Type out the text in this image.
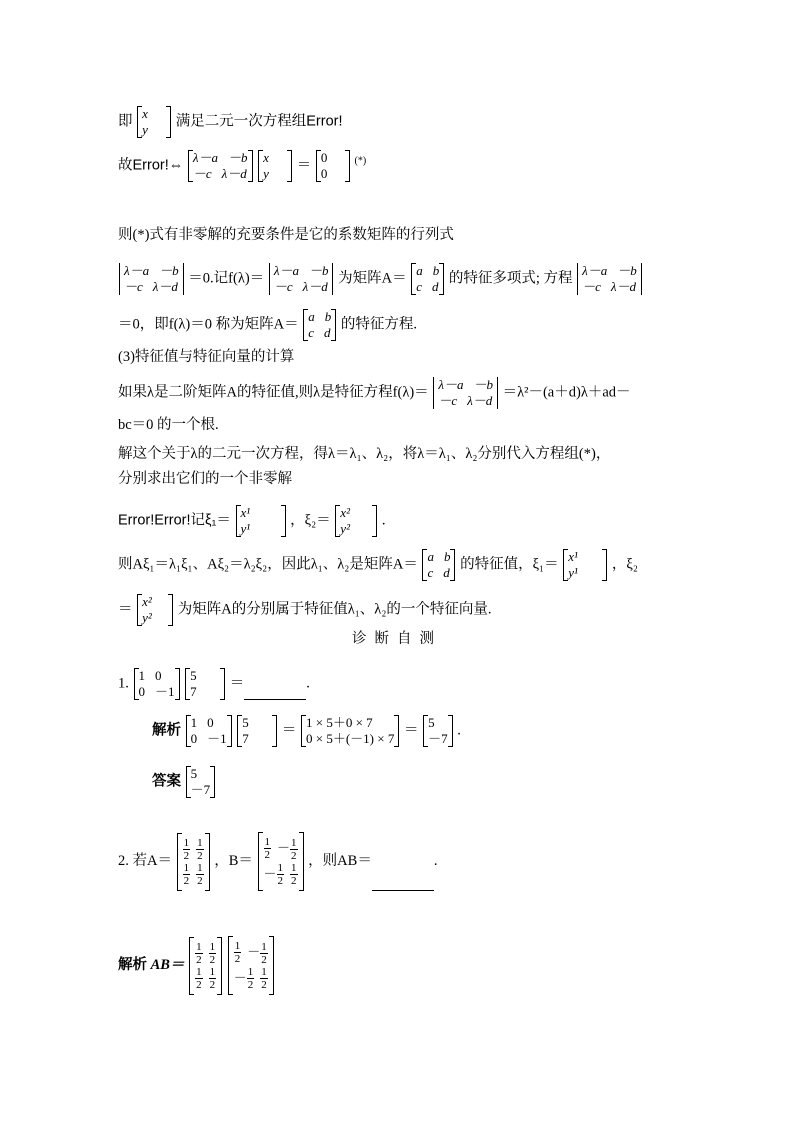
即 x
y
满足二元一次方程组Error!
故Error!⇔ λ－a －b
－c λ－d

x
y
＝ 0
0
(*)
则(*)式有非零解的充要条件是它的系数矩阵的行列式
λ－a －b
－c λ－d
＝0.记f(λ)＝ λ－a －b
－c λ－d
为矩阵A＝ a b
c d
的特征多项式; 方程 λ－a －b
－c λ－d
＝0，即f(λ)＝0 称为矩阵A＝ a b
c d
的特征方程.
(3)特征值与特征向量的计算
如果λ是二阶矩阵A的特征值,则λ是特征方程f(λ)＝ λ－a －b
－c λ－d
＝λ²－(a＋d)λ＋ad－
bc＝0 的一个根.
解这个关于λ的二元一次方程，得λ＝λ₁、λ₂，将λ＝λ₁、λ₂分别代入方程组(*)，
分别求出它们的一个非零解
Error!Error!记ξ₁＝ x¹
y¹
，ξ₂＝ x²
y²
.
则Aξ₁＝λ₁ξ₁、Aξ₂＝λ₂ξ₂，因此λ₁、λ₂是矩阵A＝ a b
c d
的特征值，ξ₁＝ x¹
y¹
，ξ₂
＝ x²
y²
为矩阵A的分别属于特征值λ₁、λ₂的一个特征向量.
诊断自测
1. 1 0
0 －1

5
7
＝	.
解析 1 0
0 －1

5
7
＝ 1 × 5＋0 × 7
0 × 5＋(－1) × 7
＝ 5
－7
.
答案 5
－7
2. 若$A= \frac{1}{2} \frac{1}{2}$
$\frac{1}{2} \frac{1}{2}$
，$B= \frac{1}{2} - \frac{1}{2}$
－ $\frac{1}{2} \frac{1}{2}$
，则AB＝	.
解析 $AB= \frac{1}{2} \frac{1}{2}$
$\frac{1}{2} \frac{1}{2}$

$\frac{1}{2} - \frac{1}{2}$
－ $\frac{1}{2} \frac{1}{2}$
